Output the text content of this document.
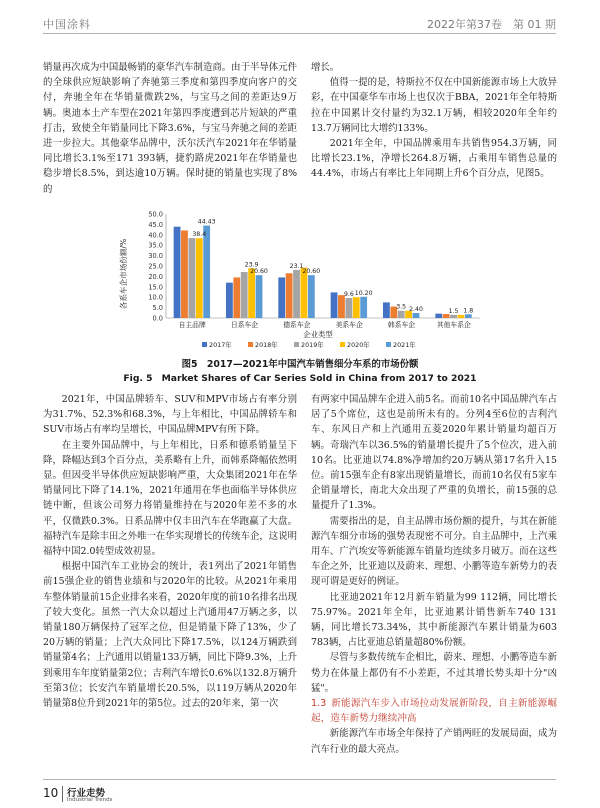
中国涂料	2022年第37卷　第 01 期

销量再次成为中国最畅销的豪华汽车制造商。由于半导体元件的全球供应短缺影响了奔驰第三季度和第四季度向客户的交付，奔驰全年在华销量微跌2%，与宝马之间的差距达9万辆。奥迪本土产车型在2021年第四季度遭到芯片短缺的严重打击，致使全年销量同比下降3.6%，与宝马奔驰之间的差距进一步拉大。其他豪华品牌中，沃尔沃汽车2021年在华销量同比增长3.1%至171 393辆，捷豹路虎2021年在华销量也稳步增长8.5%，到达逾10万辆。保时捷的销量也实现了8%的

增长。

值得一提的是，特斯拉不仅在中国新能源市场上大放异彩，在中国豪华车市场上也仅次于BBA，2021年全年特斯拉在中国累计交付量约为32.1万辆，相较2020年全年约13.7万辆同比大增约133%。

2021年全年，中国品牌乘用车共销售954.3万辆，同比增长23.1%，净增长264.8万辆，占乘用车销售总量的44.4%，市场占有率比上年同期上升6个百分点，见图5。

各系车企市场份额/%
0.0
5.0
10.0
15.0
20.0
25.0
30.0
35.0
40.0
45.0
50.0
38.4
44.43
23.9
20.60
23.1
20.60
9.6 10.20
3.5 2.40	1.5 1.8
自主品牌	日系车企	德系车企	美系车企	韩系车企	其他车系企
企业类型
2017年	2018年	2019年	2020年	2021年
图5　2017—2021年中国汽车销售细分车系的市场份额
Fig. 5　Market Shares of Car Series Sold in China from 2017 to 2021

2021年，中国品牌轿车、SUV和MPV市场占有率分别为31.7%、52.3%和68.3%，与上年相比，中国品牌轿车和SUV市场占有率均呈增长，中国品牌MPV有所下降。

在主要外国品牌中，与上年相比，日系和德系销量呈下降，降幅达到3个百分点，美系略有上升，而韩系降幅依然明显。但因受半导体供应短缺影响严重，大众集团2021年在华销量同比下降了14.1%，2021年通用在华也面临半导体供应链中断，但该公司努力将销量维持在与2020年差不多的水平，仅微跌0.3%。日系品牌中仅丰田汽车在华跑赢了大盘。福特汽车是除丰田之外唯一在华实现增长的传统车企，这说明福特中国2.0转型成效初显。

根据中国汽车工业协会的统计，表1列出了2021年销售前15强企业的销售业绩和与2020年的比较。从2021年乘用车整体销量前15企业排名来看，2020年度的前10名排名出现了较大变化。虽然一汽大众以超过上汽通用47万辆之多，以销量180万辆保持了冠军之位，但是销量下降了13%，少了20万辆的销量；上汽大众同比下降17.5%，以124万辆跌到销量第4名；上汽通用以销量133万辆，同比下降9.3%，上升到乘用车年度销量第2位；吉利汽车增长0.6%以132.8万辆升至第3位；长安汽车销量增长20.5%，以119万辆从2020年销量第8位升到2021年的第5位。过去的20年来，第一次

有两家中国品牌车企进入前5名。而前10名中国品牌汽车占居了5个席位，这也是前所未有的。分列4至6位的吉利汽车、东风日产和上汽通用五菱2020年累计销量均超百万辆。奇瑞汽车以36.5%的销量增长提升了5个位次，进入前10名。比亚迪以74.8%净增加约20万辆从第17名升入15位。前15强车企有8家出现销量增长，而前10名仅有5家车企销量增长，南北大众出现了严重的负增长，前15强的总量提升了1.3%。

需要指出的是，自主品牌市场份额的提升，与其在新能源汽车细分市场的强势表现密不可分。自主品牌中，上汽乘用车、广汽埃安等新能源车销量均连续多月破万。而在这些车企之外，比亚迪以及蔚来、理想、小鹏等造车新势力的表现可谓是更好的例证。

比亚迪2021年12月新车销量为99 112辆，同比增长75.97%。2021年全年，比亚迪累计销售新车740 131辆，同比增长73.34%，其中新能源汽车累计销量为603 783辆，占比亚迪总销量超80%份额。

尽管与多数传统车企相比，蔚来、理想、小鹏等造车新势力在体量上都仍有不小差距，不过其增长势头却十分"凶猛"。

1.3 新能源汽车步入市场拉动发展新阶段，自主新能源崛起，造车新势力继续冲高

新能源汽车市场全年保持了产销两旺的发展局面，成为汽车行业的最大亮点。

10 行业走势
Industrial Trends
